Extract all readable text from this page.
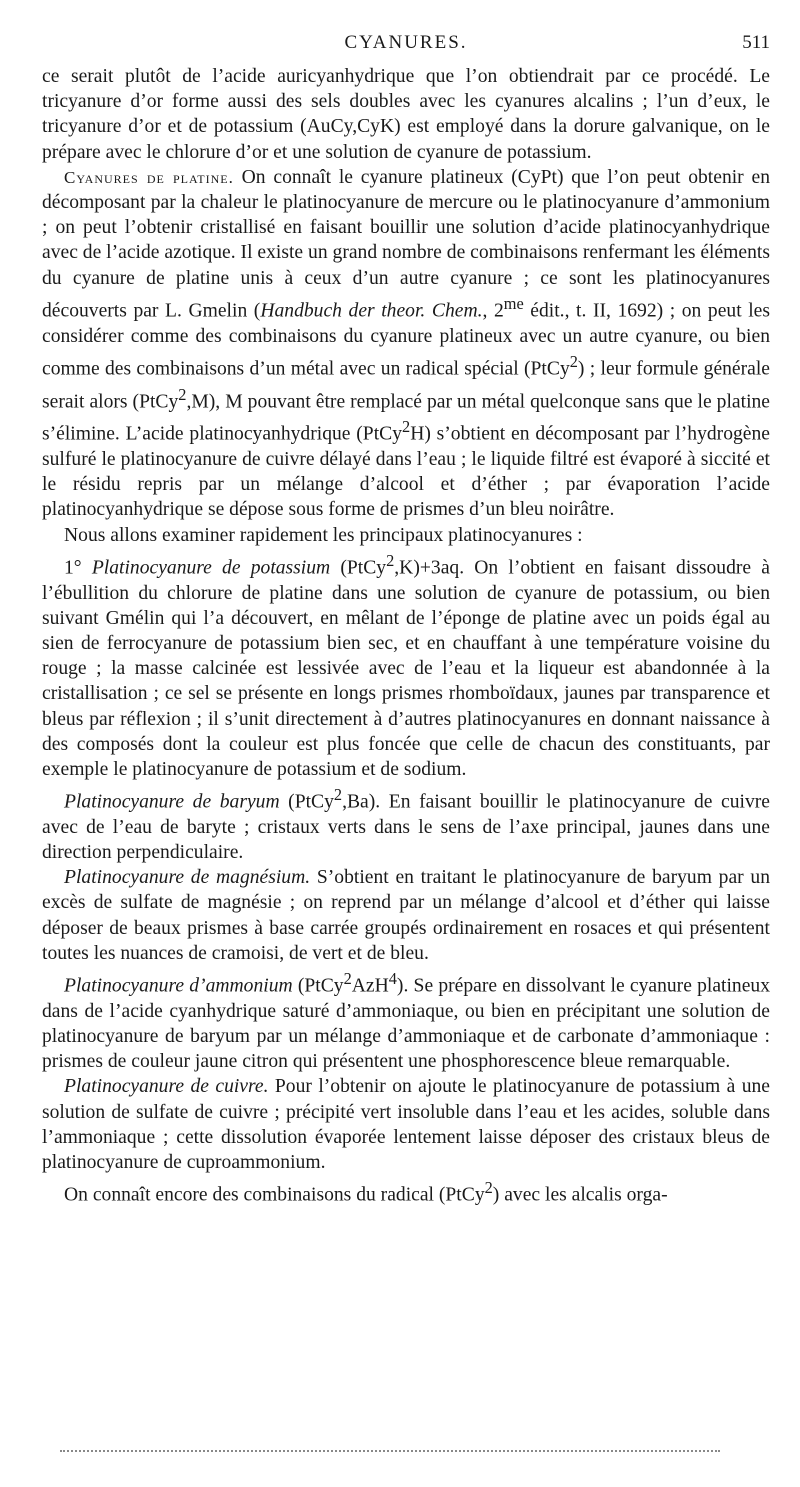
CYANURES.	511

ce serait plutôt de l’acide auricyanhydrique que l’on obtiendrait par ce procédé. Le tricyanure d’or forme aussi des sels doubles avec les cyanures alcalins ; l’un d’eux, le tricyanure d’or et de potassium (AuCy,CyK) est employé dans la dorure galvanique, on le prépare avec le chlorure d’or et une solution de cyanure de potassium.

Cyanures de platine. On connaît le cyanure platineux (CyPt) que l’on peut obtenir en décomposant par la chaleur le platinocyanure de mercure ou le platinocyanure d’ammonium ; on peut l’obtenir cristallisé en faisant bouillir une solution d’acide platinocyanhydrique avec de l’acide azotique. Il existe un grand nombre de combinaisons renfermant les éléments du cyanure de platine unis à ceux d’un autre cyanure ; ce sont les platinocyanures découverts par L. Gmelin (Handbuch der theor. Chem., $2^{me}$ édit., t. II, 1692) ; on peut les considérer comme des combinaisons du cyanure platineux avec un autre cyanure, ou bien comme des combinaisons d’un métal avec un radical spécial (PtCy$^2$) ; leur formule générale serait alors (PtCy$^2$,M), M pouvant être remplacé par un métal quelconque sans que le platine s’élimine. L’acide platinocyanhydrique (PtCy$^2$H) s’obtient en décomposant par l’hydrogène sulfuré le platinocyanure de cuivre délayé dans l’eau ; le liquide filtré est évaporé à siccité et le résidu repris par un mélange d’alcool et d’éther ; par évaporation l’acide platinocyanhydrique se dépose sous forme de prismes d’un bleu noirâtre.

Nous allons examiner rapidement les principaux platinocyanures :

1° Platinocyanure de potassium (PtCy$^2$,K)+3aq. On l’obtient en faisant dissoudre à l’ébullition du chlorure de platine dans une solution de cyanure de potassium, ou bien suivant Gmélin qui l’a découvert, en mêlant de l’éponge de platine avec un poids égal au sien de ferrocyanure de potassium bien sec, et en chauffant à une température voisine du rouge ; la masse calcinée est lessivée avec de l’eau et la liqueur est abandonnée à la cristallisation ; ce sel se présente en longs prismes rhomboïdaux, jaunes par transparence et bleus par réflexion ; il s’unit directement à d’autres platinocyanures en donnant naissance à des composés dont la couleur est plus foncée que celle de chacun des constituants, par exemple le platinocyanure de potassium et de sodium.

Platinocyanure de baryum (PtCy$^2$,Ba). En faisant bouillir le platinocyanure de cuivre avec de l’eau de baryte ; cristaux verts dans le sens de l’axe principal, jaunes dans une direction perpendiculaire.

Platinocyanure de magnésium. S’obtient en traitant le platinocyanure de baryum par un excès de sulfate de magnésie ; on reprend par un mélange d’alcool et d’éther qui laisse déposer de beaux prismes à base carrée groupés ordinairement en rosaces et qui présentent toutes les nuances de cramoisi, de vert et de bleu.

Platinocyanure d’ammonium (PtCy$^2$AzH$^4$). Se prépare en dissolvant le cyanure platineux dans de l’acide cyanhydrique saturé d’ammoniaque, ou bien en précipitant une solution de platinocyanure de baryum par un mélange d’ammoniaque et de carbonate d’ammoniaque : prismes de couleur jaune citron qui présentent une phosphorescence bleue remarquable.

Platinocyanure de cuivre. Pour l’obtenir on ajoute le platinocyanure de potassium à une solution de sulfate de cuivre ; précipité vert insoluble dans l’eau et les acides, soluble dans l’ammoniaque ; cette dissolution évaporée lentement laisse déposer des cristaux bleus de platinocyanure de cuproammonium.

On connaît encore des combinaisons du radical (PtCy$^2$) avec les alcalis orga-
